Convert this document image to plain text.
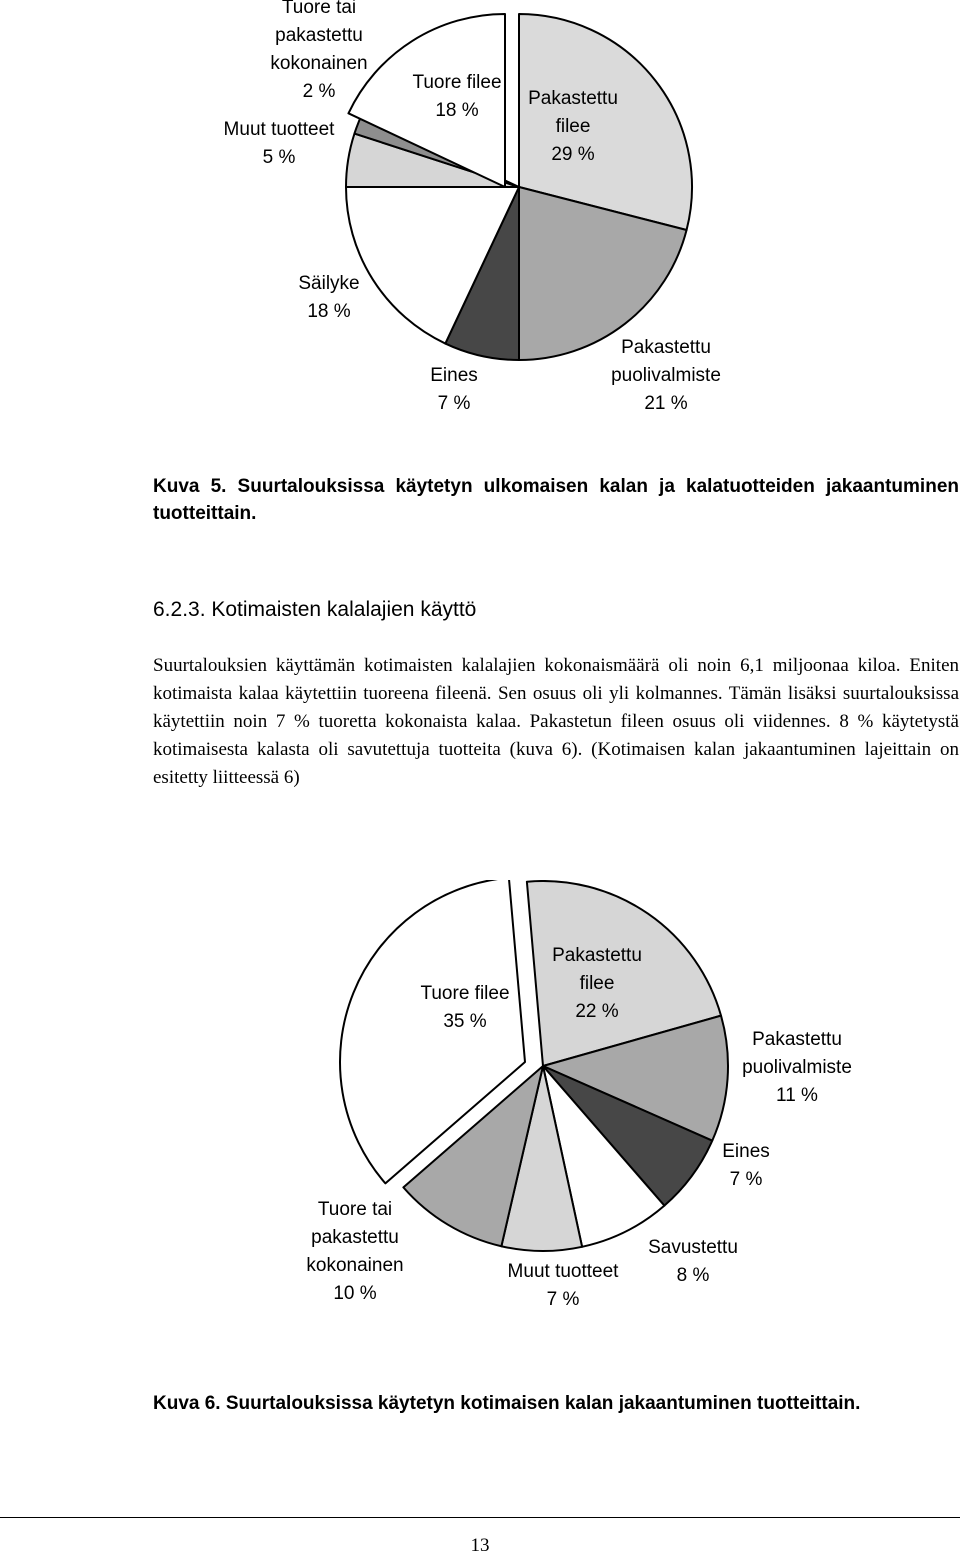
Pakastettu
filee
29 %
Pakastettu
puolivalmiste
21 %
Eines
7 %
Säilyke
18 %
Muut tuotteet
5 %
Tuore tai
pakastettu
kokonainen
2 %	Tuore filee
18 %
Kuva 5. Suurtalouksissa käytetyn ulkomaisen kalan ja kalatuotteiden jakaantuminen tuotteittain.
6.2.3. Kotimaisten kalalajien käyttö
Suurtalouksien käyttämän kotimaisten kalalajien kokonaismäärä oli noin 6,1 miljoonaa kiloa. Eniten kotimaista kalaa käytettiin tuoreena fileenä. Sen osuus oli yli kolmannes. Tämän lisäksi suurtalouksissa käytettiin noin 7 % tuoretta kokonaista kalaa. Pakastetun fileen osuus oli viidennes. 8 % käytetystä kotimaisesta kalasta oli savutettuja tuotteita (kuva 6). (Kotimaisen kalan jakaantuminen lajeittain on esitetty liitteessä 6)
Pakastettu
filee
22 %
Pakastettu
puolivalmiste
11 %
Eines
7 %
Savustettu
8 %
Muut tuotteet
7 %
Tuore tai
pakastettu
kokonainen
10 %
Tuore filee
35 %
Kuva 6. Suurtalouksissa käytetyn kotimaisen kalan jakaantuminen tuotteittain.
13
